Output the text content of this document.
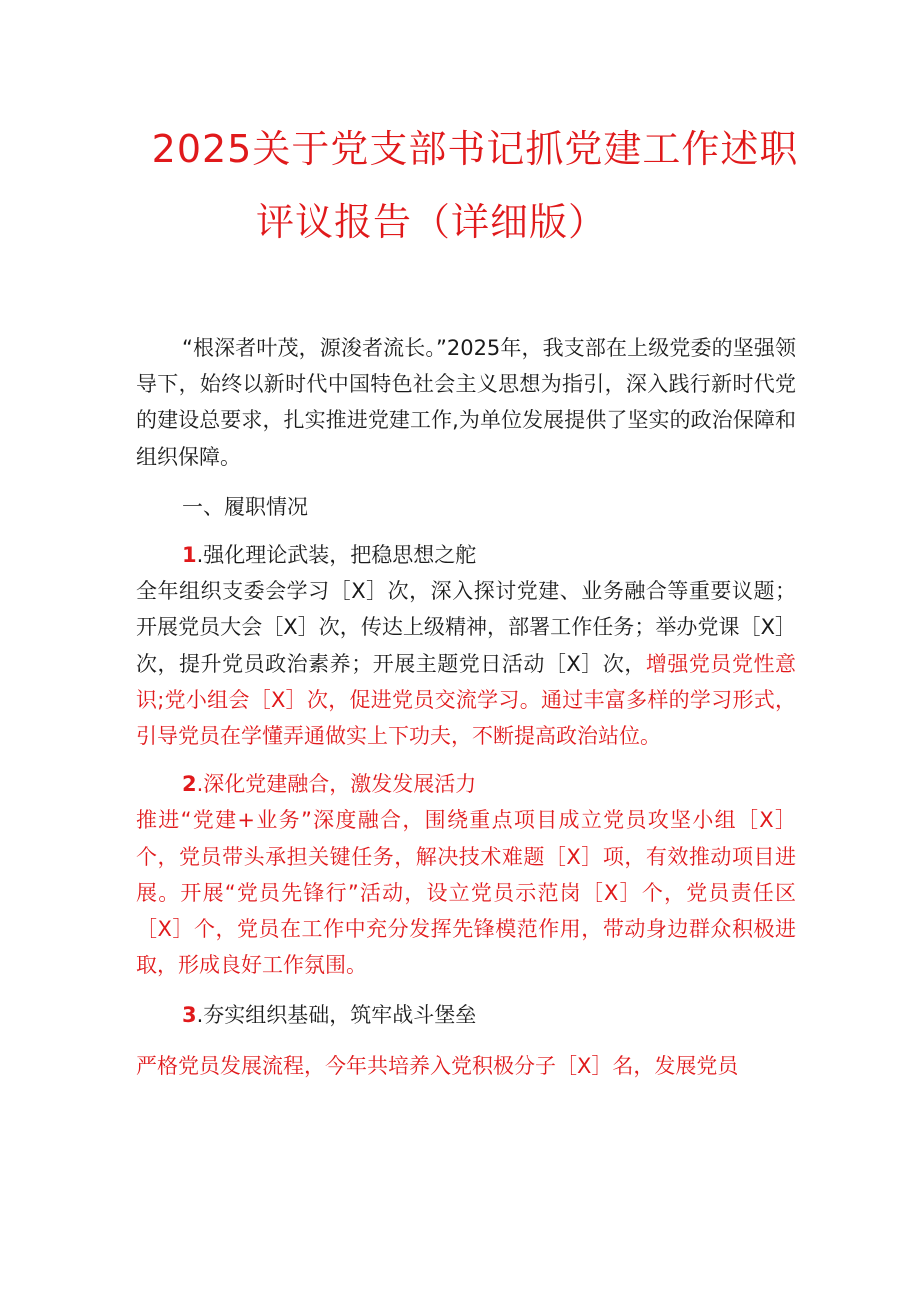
2025关于党支部书记抓党建工作述职
评议报告（详细版）

“根深者叶茂，源浚者流长。”2025年，我支部在上级党委的坚强领导下，始终以新时代中国特色社会主义思想为指引，深入践行新时代党的建设总要求，扎实推进党建工作,为单位发展提供了坚实的政治保障和组织保障。

一、履职情况

1.强化理论武装，把稳思想之舵

全年组织支委会学习［X］次，深入探讨党建、业务融合等重要议题；开展党员大会［X］次，传达上级精神，部署工作任务；举办党课［X］次，提升党员政治素养；开展主题党日活动［X］次，增强党员党性意识;党小组会［X］次，促进党员交流学习。通过丰富多样的学习形式，引导党员在学懂弄通做实上下功夫，不断提高政治站位。

2.深化党建融合，激发发展活力

推进“党建+业务”深度融合，围绕重点项目成立党员攻坚小组［X］个，党员带头承担关键任务，解决技术难题［X］项，有效推动项目进展。开展“党员先锋行”活动，设立党员示范岗［X］个，党员责任区［X］个，党员在工作中充分发挥先锋模范作用，带动身边群众积极进取，形成良好工作氛围。

3.夯实组织基础，筑牢战斗堡垒

严格党员发展流程，今年共培养入党积极分子［X］名，发展党员
